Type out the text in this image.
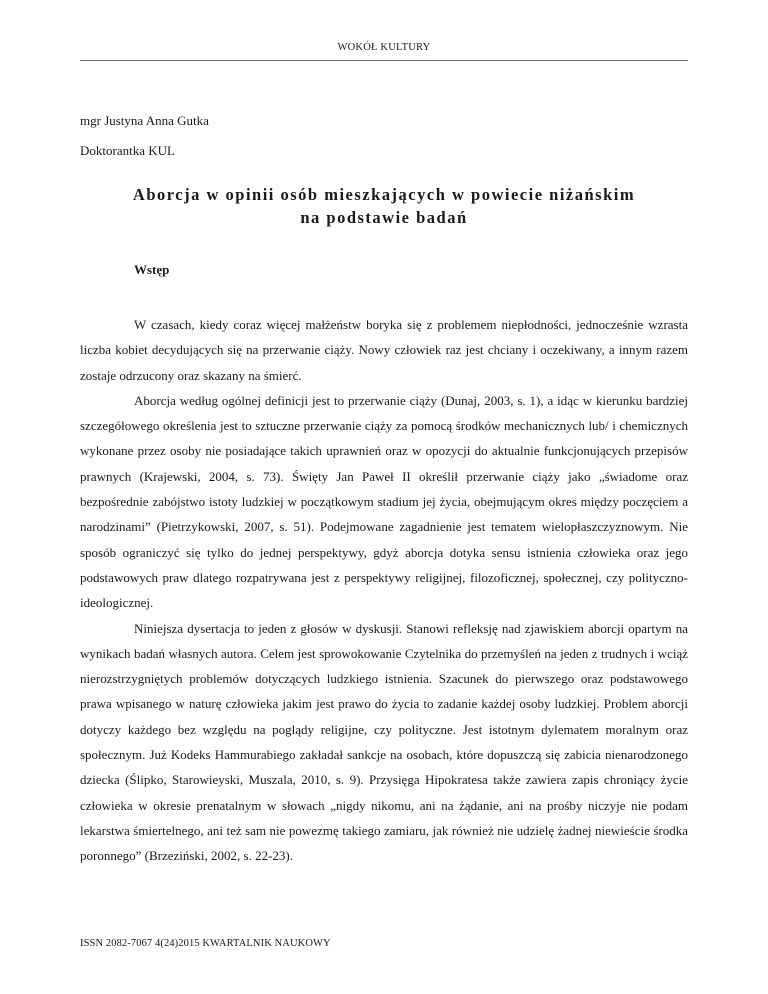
WOKÓŁ KULTURY
mgr Justyna Anna Gutka
Doktorantka KUL
Aborcja w opinii osób mieszkających w powiecie niżańskim
na podstawie badań
Wstęp

W czasach, kiedy coraz więcej małżeństw boryka się z problemem niepłodności, jednocześnie wzrasta liczba kobiet decydujących się na przerwanie ciąży. Nowy człowiek raz jest chciany i oczekiwany, a innym razem zostaje odrzucony oraz skazany na śmierć.

Aborcja według ogólnej definicji jest to przerwanie ciąży (Dunaj, 2003, s. 1), a idąc w kierunku bardziej szczegółowego określenia jest to sztuczne przerwanie ciąży za pomocą środków mechanicznych lub/ i chemicznych wykonane przez osoby nie posiadające takich uprawnień oraz w opozycji do aktualnie funkcjonujących przepisów prawnych (Krajewski, 2004, s. 73). Święty Jan Paweł II określił przerwanie ciąży jako „świadome oraz bezpośrednie zabójstwo istoty ludzkiej w początkowym stadium jej życia, obejmującym okres między poczęciem a narodzinami” (Pietrzykowski, 2007, s. 51). Podejmowane zagadnienie jest tematem wielopłaszczyznowym. Nie sposób ograniczyć się tylko do jednej perspektywy, gdyż aborcja dotyka sensu istnienia człowieka oraz jego podstawowych praw dlatego rozpatrywana jest z perspektywy religijnej, filozoficznej, społecznej, czy polityczno-ideologicznej.

Niniejsza dysertacja to jeden z głosów w dyskusji. Stanowi refleksję nad zjawiskiem aborcji opartym na wynikach badań własnych autora. Celem jest sprowokowanie Czytelnika do przemyśleń na jeden z trudnych i wciąż nierozstrzygniętych problemów dotyczących ludzkiego istnienia. Szacunek do pierwszego oraz podstawowego prawa wpisanego w naturę człowieka jakim jest prawo do życia to zadanie każdej osoby ludzkiej. Problem aborcji dotyczy każdego bez względu na poglądy religijne, czy polityczne. Jest istotnym dylematem moralnym oraz społecznym. Już Kodeks Hammurabiego zakładał sankcje na osobach, które dopuszczą się zabicia nienarodzonego dziecka (Ślipko, Starowieyski, Muszala, 2010, s. 9). Przysięga Hipokratesa także zawiera zapis chroniący życie człowieka w okresie prenatalnym w słowach „nigdy nikomu, ani na żądanie, ani na prośby niczyje nie podam lekarstwa śmiertelnego, ani też sam nie powezmę takiego zamiaru, jak również nie udzielę żadnej niewieście środka poronnego” (Brzeziński, 2002, s. 22-23).

ISSN 2082-7067 4(24)2015 KWARTALNIK NAUKOWY
